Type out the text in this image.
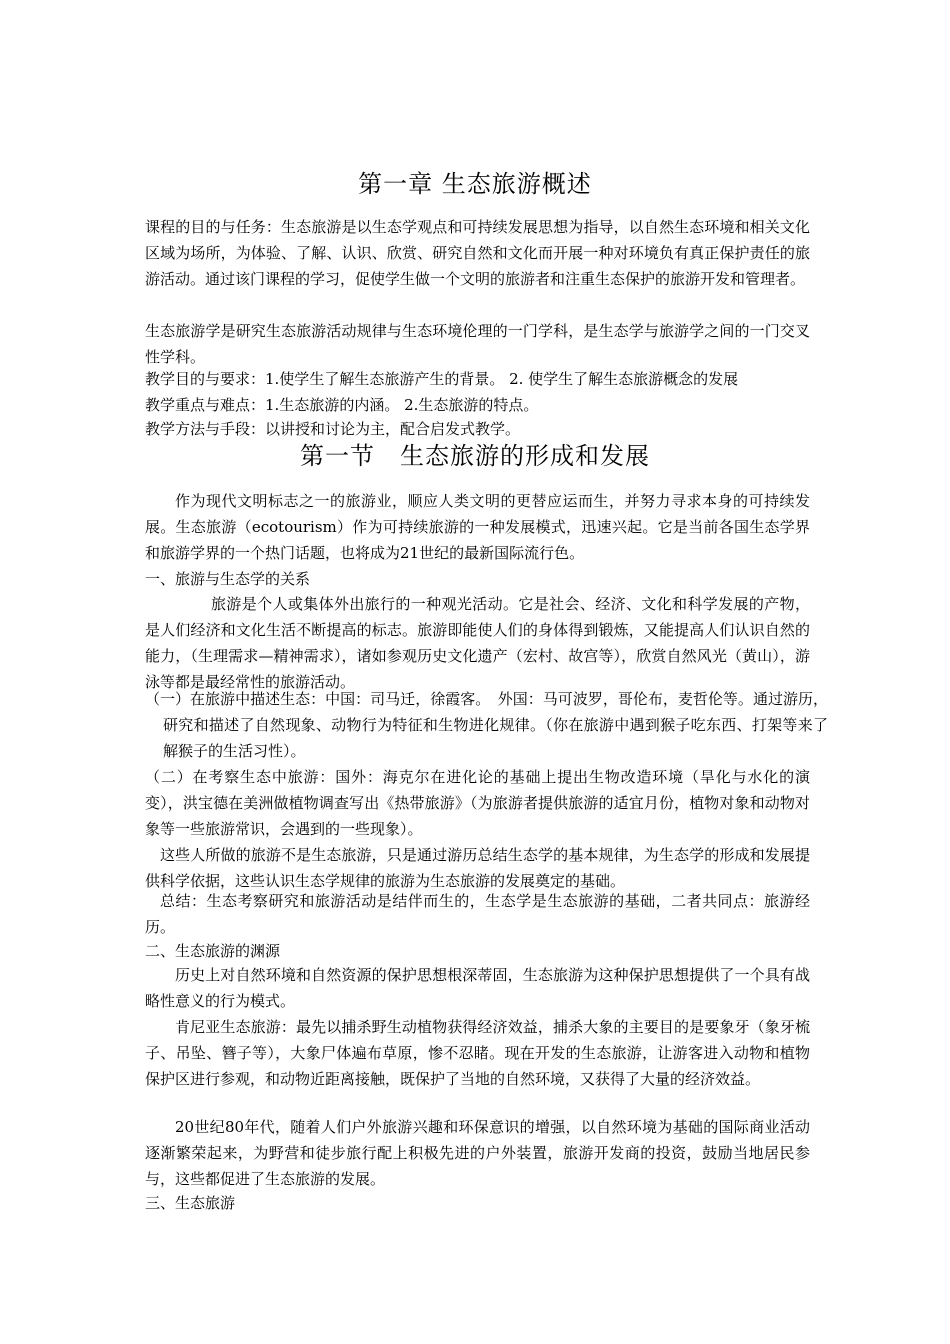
第一章 生态旅游概述

课程的目的与任务：生态旅游是以生态学观点和可持续发展思想为指导，以自然生态环境和相关文化区域为场所，为体验、了解、认识、欣赏、研究自然和文化而开展一种对环境负有真正保护责任的旅游活动。通过该门课程的学习，促使学生做一个文明的旅游者和注重生态保护的旅游开发和管理者。

生态旅游学是研究生态旅游活动规律与生态环境伦理的一门学科，是生态学与旅游学之间的一门交叉性学科。

教学目的与要求：1.使学生了解生态旅游产生的背景。 2. 使学生了解生态旅游概念的发展

教学重点与难点：1.生态旅游的内涵。 2.生态旅游的特点。

教学方法与手段：以讲授和讨论为主，配合启发式教学。

第一节　生态旅游的形成和发展

作为现代文明标志之一的旅游业，顺应人类文明的更替应运而生，并努力寻求本身的可持续发展。生态旅游（ecotourism）作为可持续旅游的一种发展模式，迅速兴起。它是当前各国生态学界和旅游学界的一个热门话题，也将成为21世纪的最新国际流行色。

一、旅游与生态学的关系

旅游是个人或集体外出旅行的一种观光活动。它是社会、经济、文化和科学发展的产物，是人们经济和文化生活不断提高的标志。旅游即能使人们的身体得到锻炼，又能提高人们认识自然的能力，（生理需求—精神需求），诸如参观历史文化遗产（宏村、故宫等），欣赏自然风光（黄山），游泳等都是最经常性的旅游活动。

（一）在旅游中描述生态：中国：司马迁，徐霞客。　外国：马可波罗，哥伦布，麦哲伦等。通过游历，研究和描述了自然现象、动物行为特征和生物进化规律。（你在旅游中遇到猴子吃东西、打架等来了解猴子的生活习性）。

（二）在考察生态中旅游：国外：海克尔在进化论的基础上提出生物改造环境（旱化与水化的演变），洪宝德在美洲做植物调查写出《热带旅游》（为旅游者提供旅游的适宜月份，植物对象和动物对象等一些旅游常识，会遇到的一些现象）。

这些人所做的旅游不是生态旅游，只是通过游历总结生态学的基本规律，为生态学的形成和发展提供科学依据，这些认识生态学规律的旅游为生态旅游的发展奠定的基础。

总结：生态考察研究和旅游活动是结伴而生的，生态学是生态旅游的基础，二者共同点：旅游经历。

二、生态旅游的渊源

历史上对自然环境和自然资源的保护思想根深蒂固，生态旅游为这种保护思想提供了一个具有战略性意义的行为模式。

肯尼亚生态旅游：最先以捕杀野生动植物获得经济效益，捕杀大象的主要目的是要象牙（象牙梳子、吊坠、簪子等），大象尸体遍布草原，惨不忍睹。现在开发的生态旅游，让游客进入动物和植物保护区进行参观，和动物近距离接触，既保护了当地的自然环境，又获得了大量的经济效益。

20世纪80年代，随着人们户外旅游兴趣和环保意识的增强，以自然环境为基础的国际商业活动逐渐繁荣起来，为野营和徒步旅行配上积极先进的户外装置，旅游开发商的投资，鼓励当地居民参与，这些都促进了生态旅游的发展。

三、生态旅游
